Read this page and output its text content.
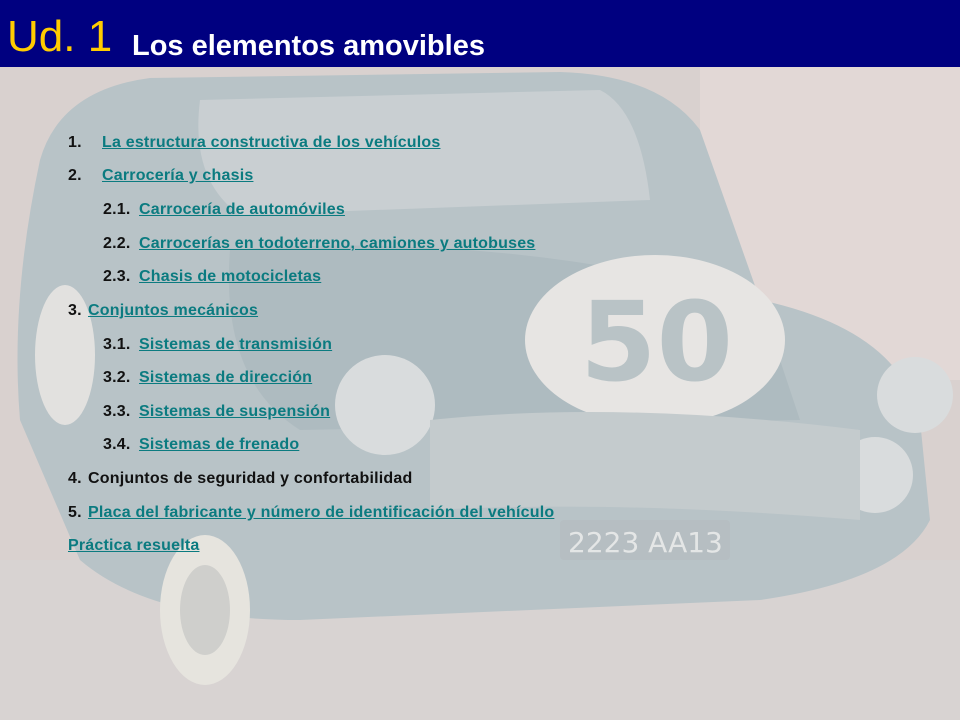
50
2223 AA13
Ud. 1 Los elementos amovibles
1. La estructura constructiva de los vehículos
2. Carrocería y chasis
2.1. Carrocería de automóviles
2.2. Carrocerías en todoterreno, camiones y autobuses
2.3. Chasis de motocicletas
3. Conjuntos mecánicos
3.1. Sistemas de transmisión
3.2. Sistemas de dirección
3.3. Sistemas de suspensión
3.4. Sistemas de frenado
4. Conjuntos de seguridad y confortabilidad
5. Placa del fabricante y número de identificación del vehículo
Práctica resuelta
